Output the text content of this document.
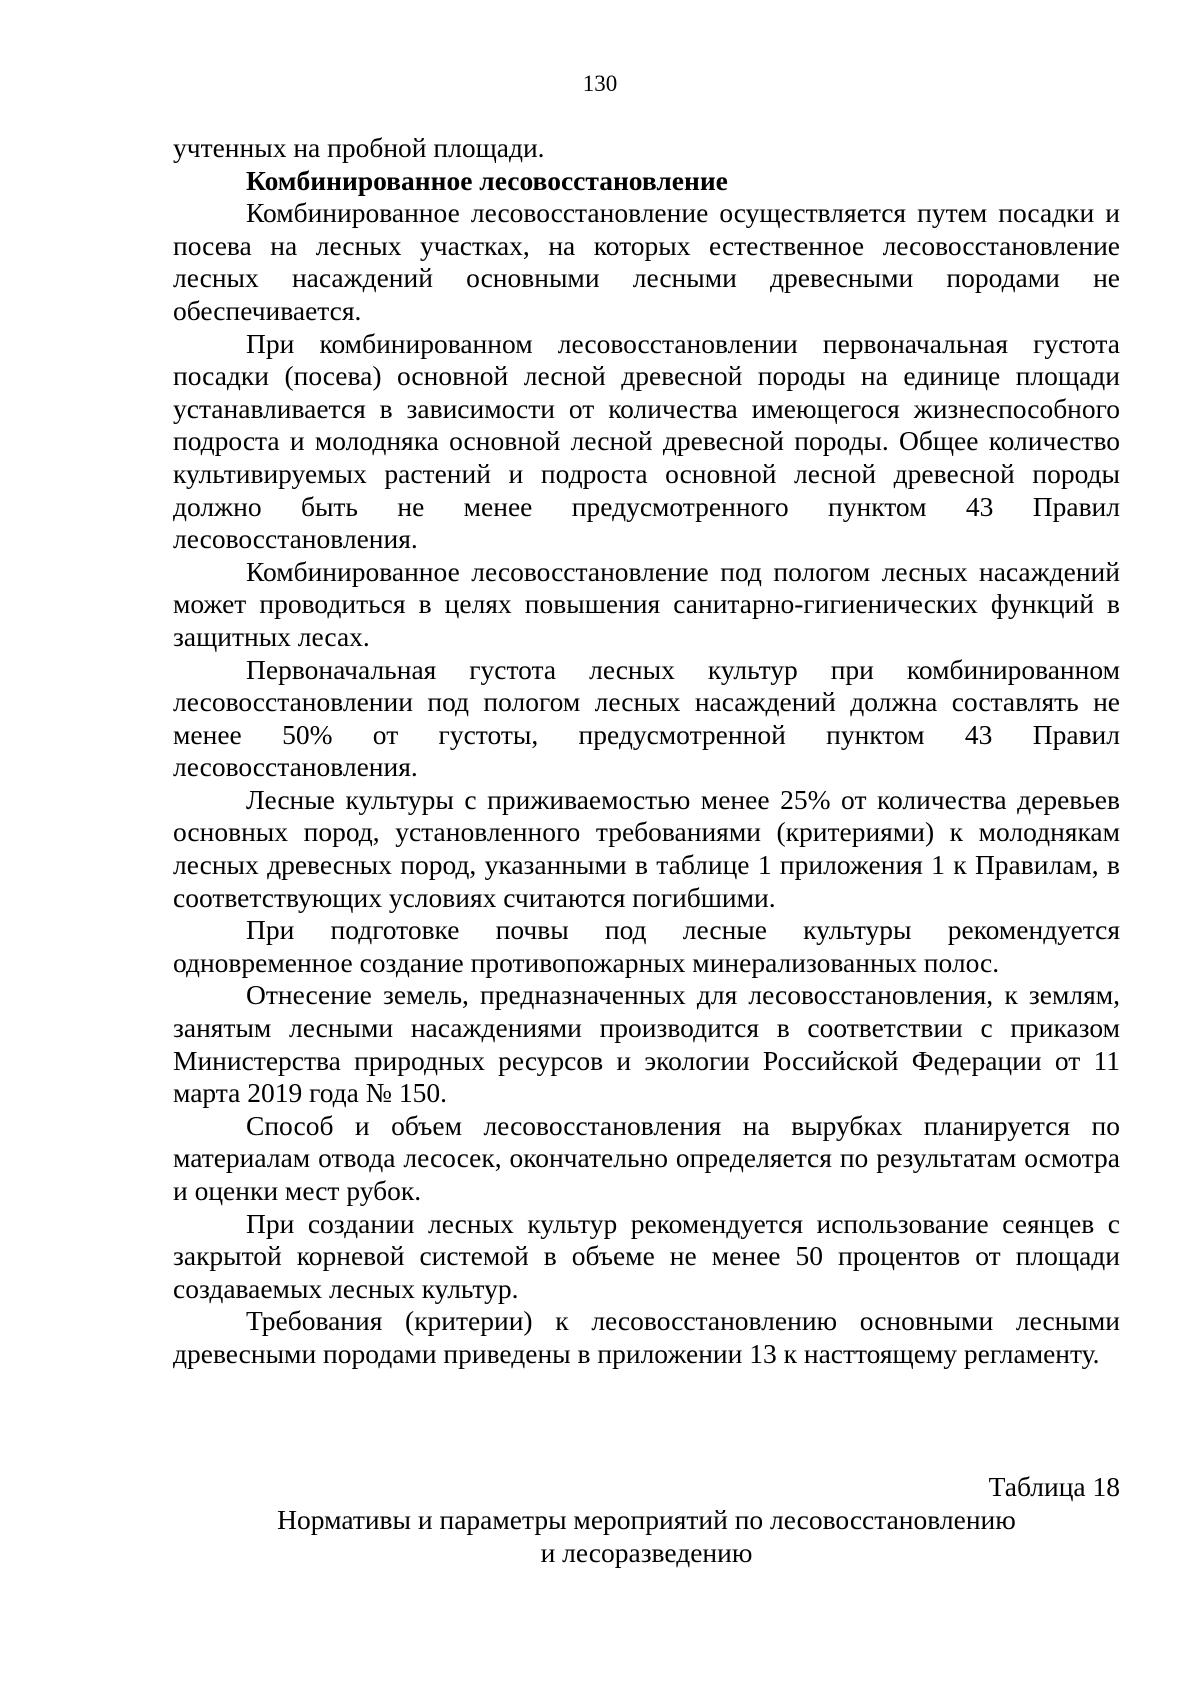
130

учтенных на пробной площади.

Комбинированное лесовосстановление

Комбинированное лесовосстановление осуществляется путем посадки и посева на лесных участках, на которых естественное лесовосстановление лесных насаждений основными лесными древесными породами не обеспечивается.

При комбинированном лесовосстановлении первоначальная густота посадки (посева) основной лесной древесной породы на единице площади устанавливается в зависимости от количества имеющегося жизнеспособного подроста и молодняка основной лесной древесной породы. Общее количество культивируемых растений и подроста основной лесной древесной породы должно быть не менее предусмотренного пунктом 43 Правил лесовосстановления.

Комбинированное лесовосстановление под пологом лесных насаждений может проводиться в целях повышения санитарно-гигиенических функций в защитных лесах.

Первоначальная густота лесных культур при комбинированном лесовосстановлении под пологом лесных насаждений должна составлять не менее 50% от густоты, предусмотренной пунктом 43 Правил лесовосстановления.

Лесные культуры с приживаемостью менее 25% от количества деревьев основных пород, установленного требованиями (критериями) к молоднякам лесных древесных пород, указанными в таблице 1 приложения 1 к Правилам, в соответствующих условиях считаются погибшими.

При подготовке почвы под лесные культуры рекомендуется одновременное создание противопожарных минерализованных полос.

Отнесение земель, предназначенных для лесовосстановления, к землям, занятым лесными насаждениями производится в соответствии с приказом Министерства природных ресурсов и экологии Российской Федерации от 11 марта 2019 года № 150.

Способ и объем лесовосстановления на вырубках планируется по материалам отвода лесосек, окончательно определяется по результатам осмотра и оценки мест рубок.

При создании лесных культур рекомендуется использование сеянцев с закрытой корневой системой в объеме не менее 50 процентов от площади создаваемых лесных культур.

Требования (критерии) к лесовосстановлению основными лесными древесными породами приведены в приложении 13 к насттоящему регламенту.

Таблица 18
Нормативы и параметры мероприятий по лесовосстановлению
и лесоразведению
